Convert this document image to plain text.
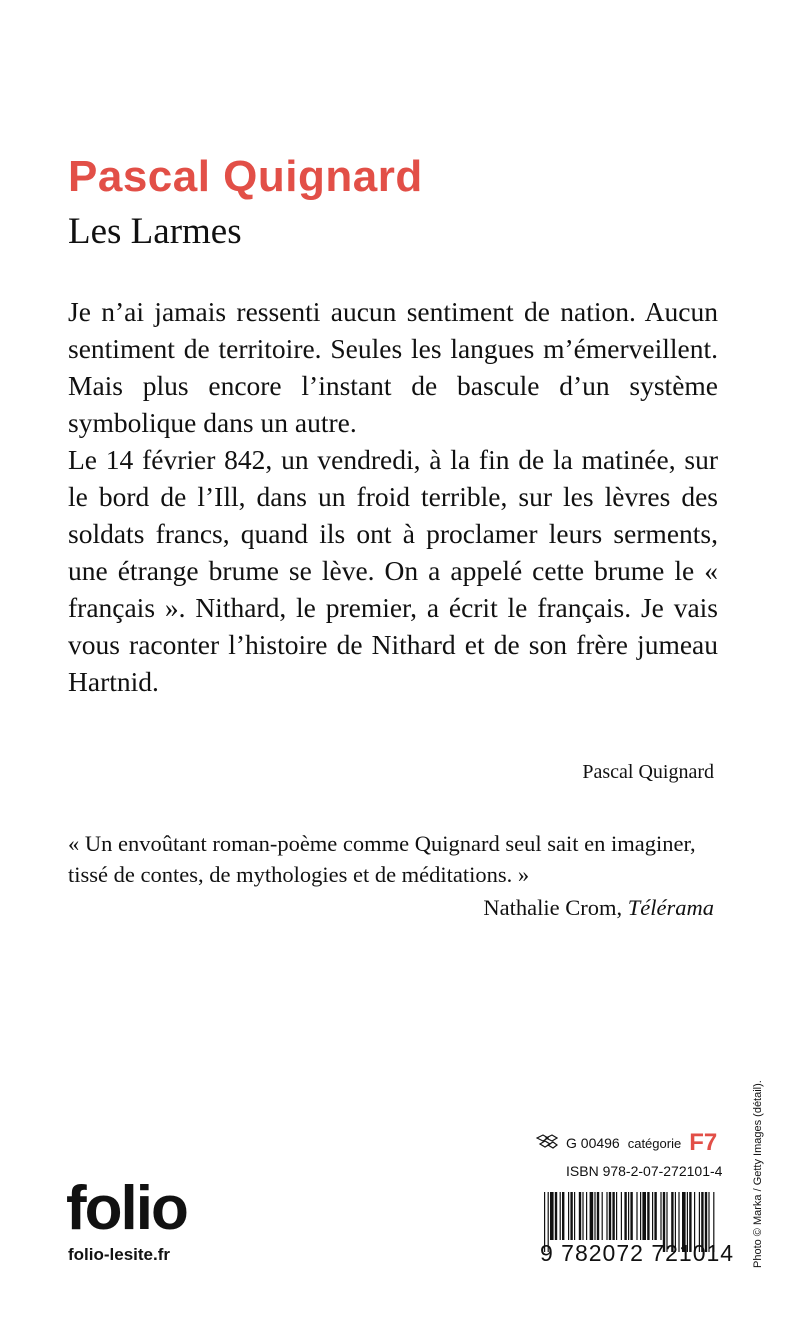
Pascal Quignard
Les Larmes

Je n’ai jamais ressenti aucun sentiment de nation. Aucun sentiment de territoire. Seules les langues m’émerveillent. Mais plus encore l’instant de bascule d’un système symbolique dans un autre.

Le 14 février 842, un vendredi, à la fin de la matinée, sur le bord de l’Ill, dans un froid terrible, sur les lèvres des soldats francs, quand ils ont à proclamer leurs serments, une étrange brume se lève. On a appelé cette brume le « français ». Nithard, le premier, a écrit le français. Je vais vous raconter l’histoire de Nithard et de son frère jumeau Hartnid.

Pascal Quignard
« Un envoûtant roman-poème comme Quignard seul sait en imaginer, tissé de contes, de mythologies et de méditations. »
Nathalie Crom, Télérama
folio
folio-lesite.fr
G 00496 catégorie F7
ISBN 978-2-07-272101-4
9 782072 721014 Photo © Marka / Getty Images (détail).
